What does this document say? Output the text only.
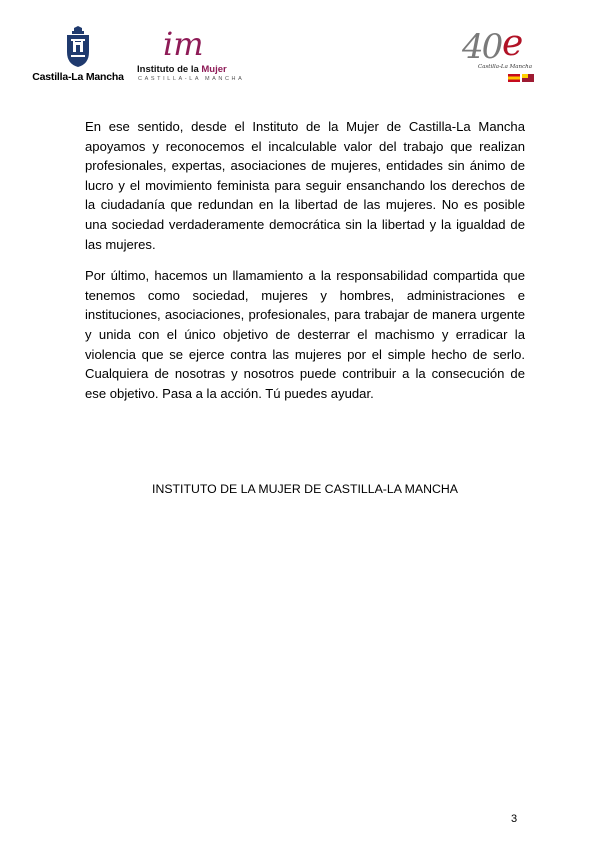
Castilla-La Mancha
im
Instituto de la Mujer
CASTILLA-LA MANCHA
40 e
Castilla-La Mancha

En ese sentido, desde el Instituto de la Mujer de Castilla-La Mancha apoyamos y reconocemos el incalculable valor del trabajo que realizan profesionales, expertas, asociaciones de mujeres, entidades sin ánimo de lucro y el movimiento feminista para seguir ensanchando los derechos de la ciudadanía que redundan en la libertad de las mujeres. No es posible una sociedad verdaderamente democrática sin la libertad y la igualdad de las mujeres.

Por último, hacemos un llamamiento a la responsabilidad compartida que tenemos como sociedad, mujeres y hombres, administraciones e instituciones, asociaciones, profesionales, para trabajar de manera urgente y unida con el único objetivo de desterrar el machismo y erradicar la violencia que se ejerce contra las mujeres por el simple hecho de serlo. Cualquiera de nosotras y nosotros puede contribuir a la consecución de ese objetivo. Pasa a la acción. Tú puedes ayudar.

INSTITUTO DE LA MUJER DE CASTILLA-LA MANCHA
3
